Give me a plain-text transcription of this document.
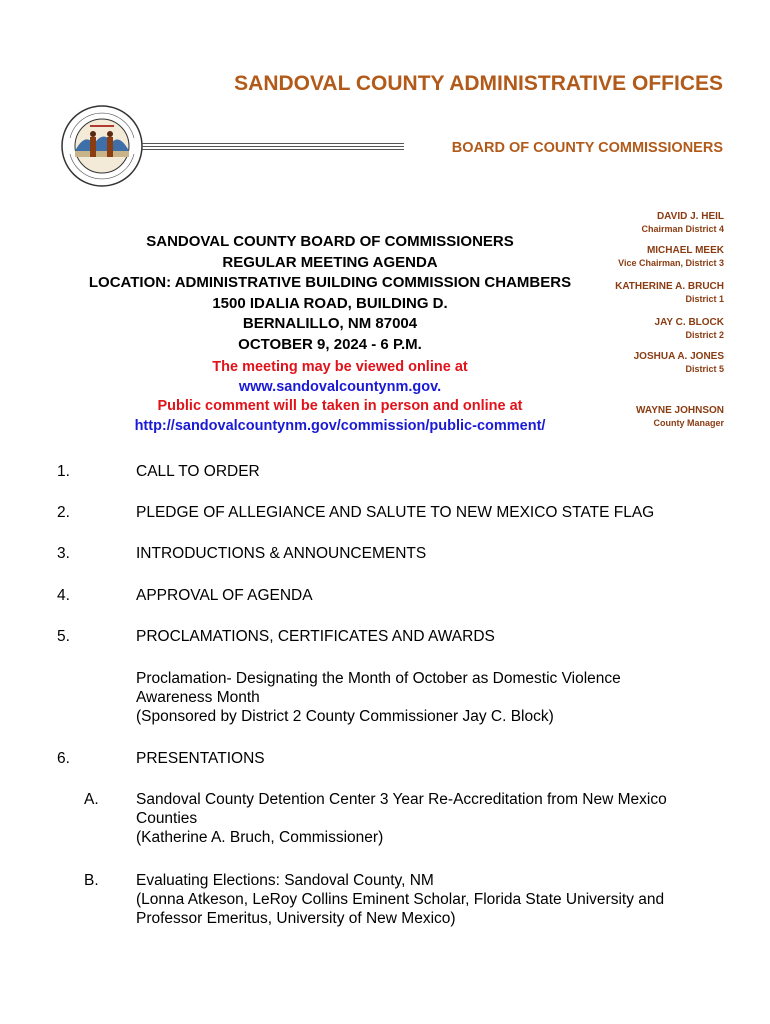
SANDOVAL COUNTY ADMINISTRATIVE OFFICES
BOARD OF COUNTY COMMISSIONERS
DAVID J. HEIL
Chairman District 4
MICHAEL MEEK
Vice Chairman, District 3
KATHERINE A. BRUCH
District 1
JAY C. BLOCK
District 2
JOSHUA A. JONES
District 5
WAYNE JOHNSON
County Manager
SANDOVAL COUNTY BOARD OF COMMISSIONERS
REGULAR MEETING AGENDA
LOCATION: ADMINISTRATIVE BUILDING COMMISSION CHAMBERS
1500 IDALIA ROAD, BUILDING D.
BERNALILLO, NM 87004
OCTOBER 9, 2024 - 6 P.M.
The meeting may be viewed online at
www.sandovalcountynm.gov.
Public comment will be taken in person and online at
http://sandovalcountynm.gov/commission/public-comment/
1.	CALL TO ORDER
2.	PLEDGE OF ALLEGIANCE AND SALUTE TO NEW MEXICO STATE FLAG
3.	INTRODUCTIONS & ANNOUNCEMENTS
4.	APPROVAL OF AGENDA
5.	PROCLAMATIONS, CERTIFICATES AND AWARDS
Proclamation- Designating the Month of October as Domestic Violence
Awareness Month
(Sponsored by District 2 County Commissioner Jay C. Block)
6.	PRESENTATIONS
A. Sandoval County Detention Center 3 Year Re-Accreditation from New Mexico
Counties
(Katherine A. Bruch, Commissioner)
B. Evaluating Elections: Sandoval County, NM
(Lonna Atkeson, LeRoy Collins Eminent Scholar, Florida State University and
Professor Emeritus, University of New Mexico)
